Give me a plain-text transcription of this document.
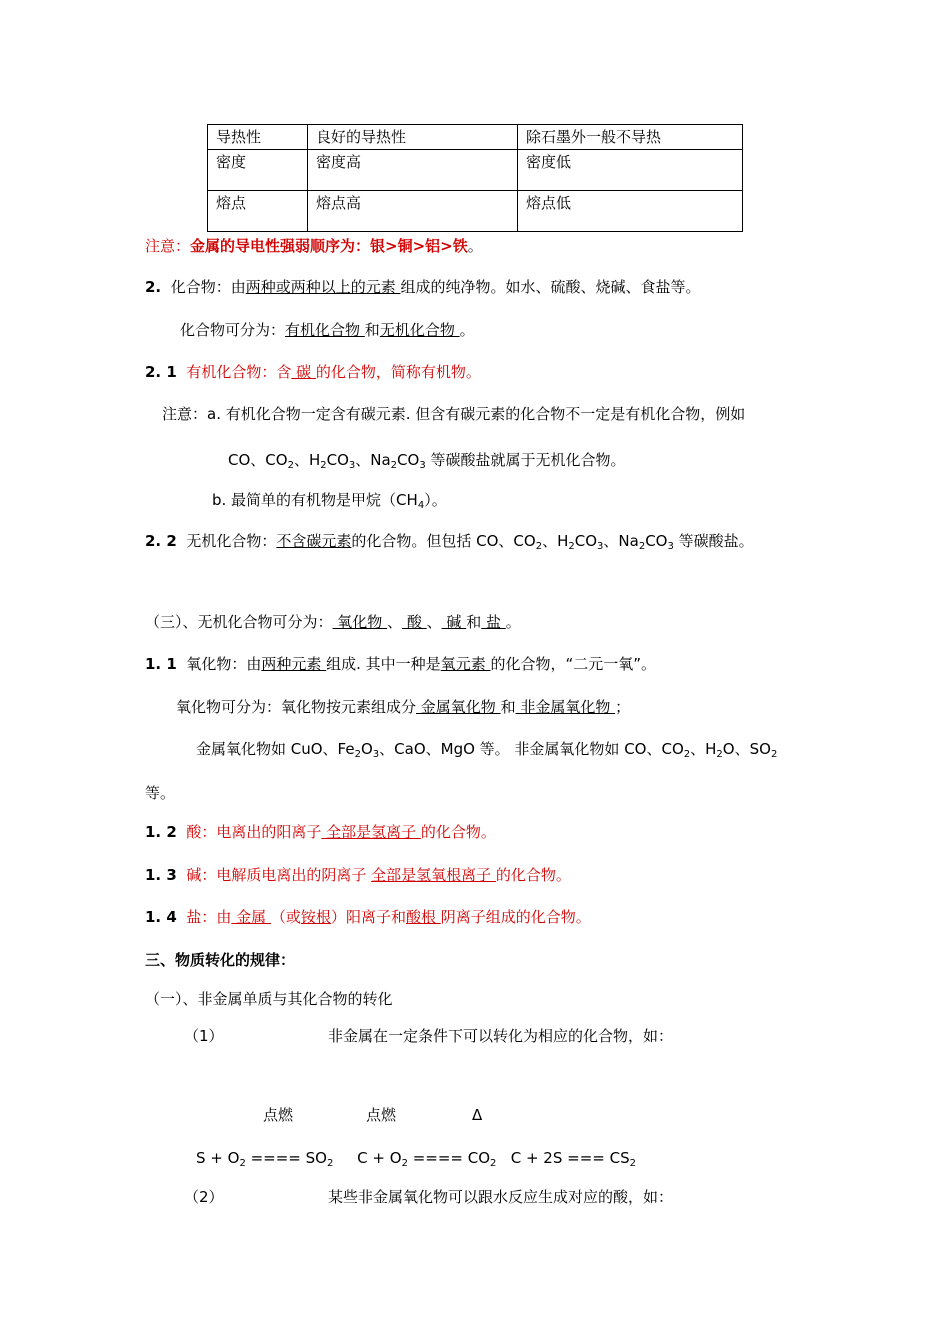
导热性	良好的导热性	除石墨外一般不导热
密度	密度高	密度低
熔点	熔点高	熔点低
注意：金属的导电性强弱顺序为：银>铜>铝>铁。
2. 化合物：由两种或两种以上的元素 组成的纯净物。如水、硫酸、烧碱、食盐等。
化合物可分为：有机化合物 和无机化合物 。
2. 1 有机化合物：含 碳 的化合物，简称有机物。
注意：a. 有机化合物一定含有碳元素. 但含有碳元素的化合物不一定是有机化合物，例如
CO、$CO_2$、$H_2CO_3$、$Na_2CO_3$ 等碳酸盐就属于无机化合物。
b. 最简单的有机物是甲烷$(CH_4)$。
2. 2 无机化合物：不含碳元素的化合物。但包括 CO、$CO_2$、$H_2CO_3$、$Na_2CO_3$ 等碳酸盐。
（三）、无机化合物可分为： 氧化物 、 酸 、 碱 和 盐 。
1. 1 氧化物：由两种元素 组成. 其中一种是氧元素 的化合物，“二元一氧”。
氧化物可分为：氧化物按元素组成分 金属氧化物 和 非金属氧化物 ；
金属氧化物如 CuO、$Fe_2O_3$、CaO、MgO 等。 非金属氧化物如 CO、$CO_2$、$H_2O$、$SO_2$
等。
1. 2 酸：电离出的阳离子 全部是氢离子 的化合物。
1. 3 碱：电解质电离出的阴离子 全部是氢氧根离子 的化合物。
1. 4 盐：由 金属 （或铵根）阳离子和酸根 阴离子组成的化合物。
三、物质转化的规律：
（一）、非金属单质与其化合物的转化
（1）	非金属在一定条件下可以转化为相应的化合物，如：
点燃	点燃	Δ
$S + O_2$ ==== $SO_2$     $C + O_2$ ==== $CO_2$   C + 2S === $CS_2$
（2）	某些非金属氧化物可以跟水反应生成对应的酸，如：
